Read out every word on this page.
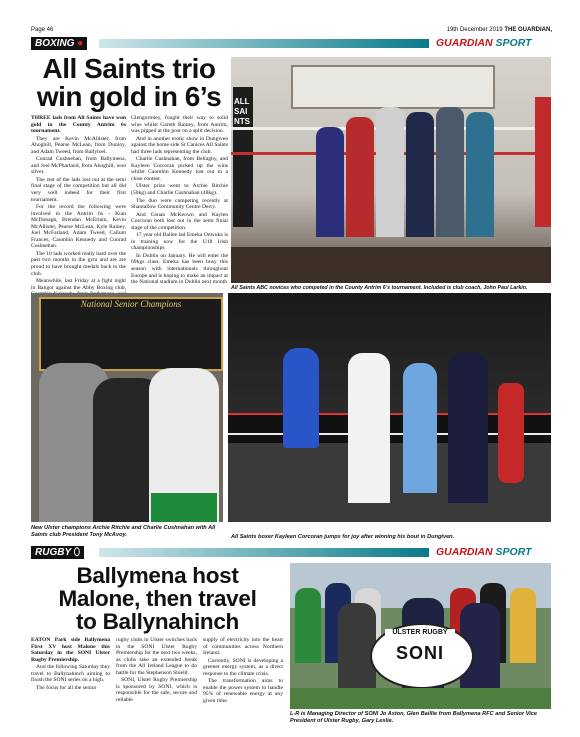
Page 46	19th December 2019 THE GUARDIAN,
BOXING ●	GUARDIAN SPORT
All Saints trio
win gold in 6’s

THREE lads from All Saints have won gold in the County Antrim 6s tournament.

They are Kevin McAllister, from Ahoghill, Pearse McLean, from Dunloy, and Adam Tweed, from Ballyloel.

Conrad Cushnehan, from Ballymena, and Joel McPharland, from Ahoghill, won silver.

The rest of the lads lost out at the semi final stage of the competition but all did very well indeed for their first tournament.

For the record the following were involved in the Antrim 6s - Kian McDonagh, Brendan McErlain, Kevin McAllister, Pearse McLean, Kyle Rainey, Joel McFarland, Adam Tweed, Callum Frances, Caomhin Kennedy and Conrad Cushnehan.

The 10 lads worked really hard over the past two months in the gym and are are proud to have brought medals back to the club.

Meanwhile, last Friday at a fight night in Bangor against the Abby Boxing club,

Glengormley, fought their way to solid wins whilst Gareth Rainey, from Antrim, was pipped at the post on a split decision.

And in another erotic show in Dungiven against the home side St Canices All Saints had three lads representing the club.

Charlie Cushnahan, from Bellaghy, and Kayleen Corcoran picked up the wins whilst Caomhin Kennedy lost out in a close contest.

Ulster prize went to Archie Ritchie (50kg) and Charlie Cushnahan (48kg).

The duo were competing recently at Shantallow Community Centre Derry.

And Conan McKeown and Kaylen Corcoran both lost out in the semi finial stage of the competition.

17 year old Ballee lad Emeka Onwuka is in training now for the U18 Irish championships

In Dublin on January. He will enter the 69kgs class. Emeka has been busy this season with internationals throughout Europe and is hoping to make an impact at the National stadium in Dublin next month

ALL SAINTS
All Saints ABC novices who competed in the County Antrim 6’s tournament. Included is club coach, John Paul Larkin.
National Senior Champions
New Ulster champions Archie Ritchie and Charlie Cushnahan with All Saints club President Tony McAvoy.	All Saints boxer Kayleen Corcoran jumps for joy after winning his bout in Dungiven.
RUGBY ⬯	GUARDIAN SPORT
Ballymena host
Malone, then travel
to Ballynahinch

EATON Park side Ballymena First XV host Malone this Saturday in the SONI Ulster Rugby Premiership.

And the following Saturday they travel to Ballynahinch aiming to finish the SONI series on a high.

The focus for all the senior

rugby clubs in Ulster switches back to the SONI Ulster Rugby Premiership for the next two weeks, as clubs take an extended break from the All Ireland League to do battle for the Stephenson Shield.

SONI, Ulster Rugby Premiership is sponsored by SONI, which is responsible for the safe, secure and reliable

supply of electricity into the heart of communities across Northern Ireland.

Currently, SONI is developing a greener energy system, as a direct response to the climate crisis.

The transformation aims to enable the power system to handle 95% of renewable energy at any given time.

ULSTER RUGBY
SONI
L-R is Managing Director of SONI Jo Aston, Glen Baillie from Ballymena RFC and Senior Vice President of Ulster Rugby, Gary Leslie.
